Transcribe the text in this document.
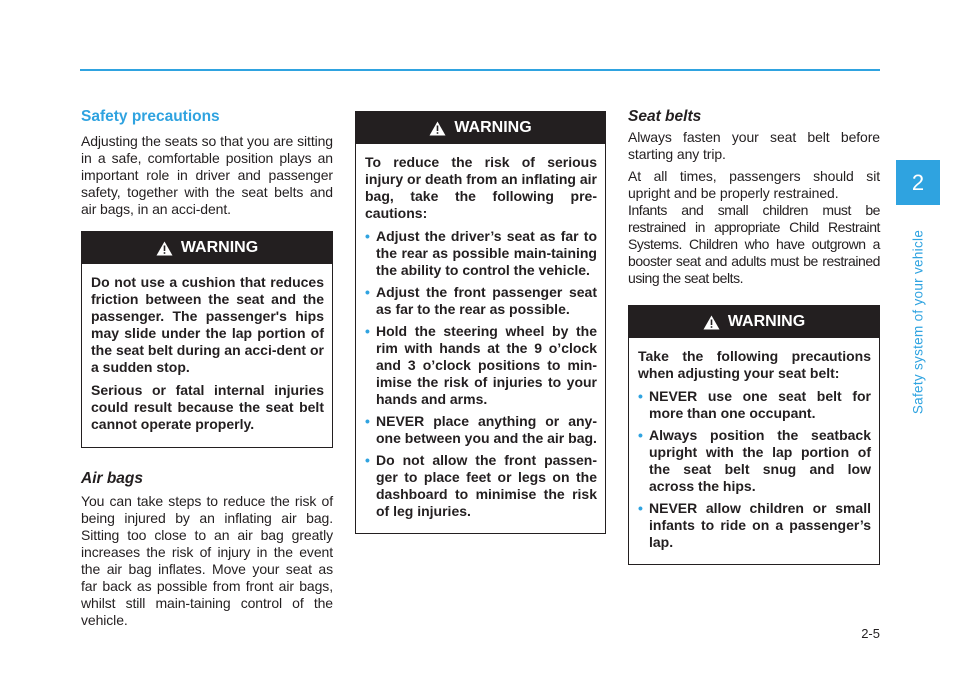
Safety precautions

Adjusting the seats so that you are sitting in a safe, comfortable position plays an important role in driver and passenger safety, together with the seat belts and air bags, in an acci-dent.

WARNING

Do not use a cushion that reduces friction between the seat and the passenger. The passenger's hips may slide under the lap portion of the seat belt during an acci-dent or a sudden stop.

Serious or fatal internal injuries could result because the seat belt cannot operate properly.

Air bags

You can take steps to reduce the risk of being injured by an inflating air bag. Sitting too close to an air bag greatly increases the risk of injury in the event the air bag inflates. Move your seat as far back as possible from front air bags, whilst still main-taining control of the vehicle.

WARNING

To reduce the risk of serious injury or death from an inflating air bag, take the following pre-cautions:

• Adjust the driver’s seat as far to the rear as possible main-taining the ability to control the vehicle.
• Adjust the front passenger seat as far to the rear as possible.
• Hold the steering wheel by the rim with hands at the 9 o’clock and 3 o’clock positions to min-imise the risk of injuries to your hands and arms.
• NEVER place anything or any-one between you and the air bag.
• Do not allow the front passen-ger to place feet or legs on the dashboard to minimise the risk of leg injuries.
Seat belts

Always fasten your seat belt before starting any trip.

At all times, passengers should sit upright and be properly restrained.

Infants and small children must be restrained in appropriate Child Restraint Systems. Children who have outgrown a booster seat and adults must be restrained using the seat belts.

WARNING

Take the following precautions when adjusting your seat belt:

• NEVER use one seat belt for more than one occupant.
• Always position the seatback upright with the lap portion of the seat belt snug and low across the hips.
• NEVER allow children or small infants to ride on a passenger’s lap.
2
Safety system of your vehicle
2-5
